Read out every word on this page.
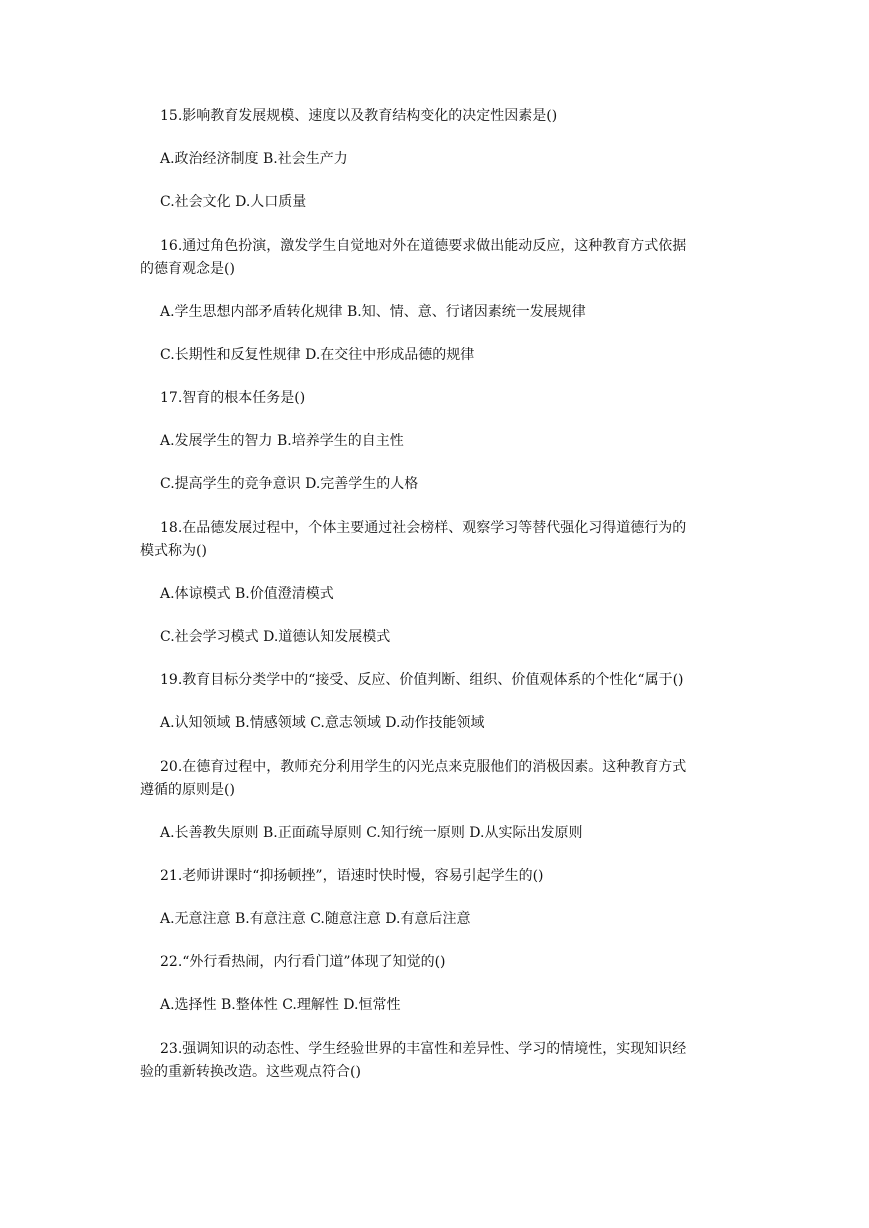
15.影响教育发展规模、速度以及教育结构变化的决定性因素是()
A.政治经济制度 B.社会生产力
C.社会文化 D.人口质量
16.通过角色扮演，激发学生自觉地对外在道德要求做出能动反应，这种教育方式依据
的德育观念是()
A.学生思想内部矛盾转化规律 B.知、情、意、行诸因素统一发展规律
C.长期性和反复性规律 D.在交往中形成品德的规律
17.智育的根本任务是()
A.发展学生的智力 B.培养学生的自主性
C.提高学生的竞争意识 D.完善学生的人格
18.在品德发展过程中，个体主要通过社会榜样、观察学习等替代强化习得道德行为的
模式称为()
A.体谅模式 B.价值澄清模式
C.社会学习模式 D.道德认知发展模式
19.教育目标分类学中的“接受、反应、价值判断、组织、价值观体系的个性化“属于()
A.认知领域 B.情感领域 C.意志领域 D.动作技能领域
20.在德育过程中，教师充分利用学生的闪光点来克服他们的消极因素。这种教育方式
遵循的原则是()
A.长善教失原则 B.正面疏导原则 C.知行统一原则 D.从实际出发原则
21.老师讲课时“抑扬顿挫”，语速时快时慢，容易引起学生的()
A.无意注意 B.有意注意 C.随意注意 D.有意后注意
22.“外行看热闹，内行看门道”体现了知觉的()
A.选择性 B.整体性 C.理解性 D.恒常性
23.强调知识的动态性、学生经验世界的丰富性和差异性、学习的情境性，实现知识经
验的重新转换改造。这些观点符合()
